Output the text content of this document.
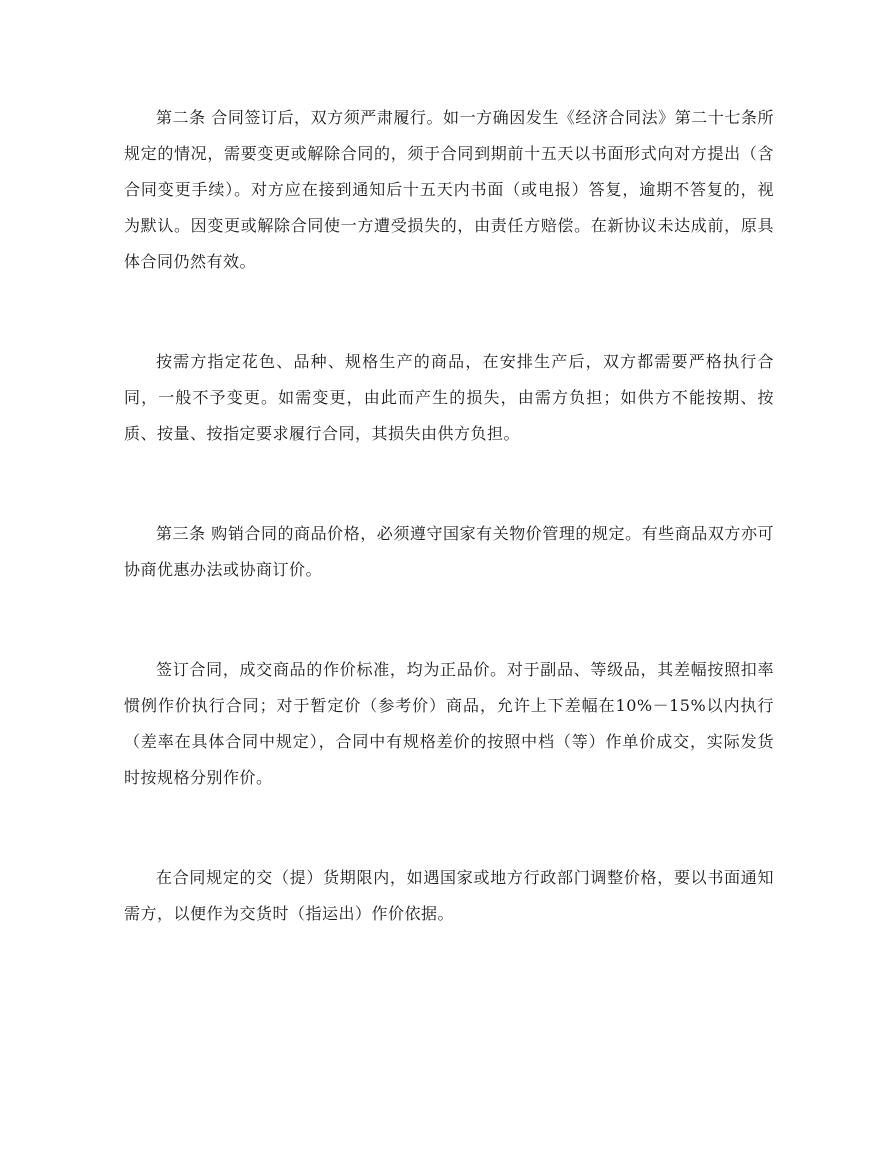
第二条 合同签订后，双方须严肃履行。如一方确因发生《经济合同法》第二十七条所规定的情况，需要变更或解除合同的，须于合同到期前十五天以书面形式向对方提出（含合同变更手续）。对方应在接到通知后十五天内书面（或电报）答复，逾期不答复的，视为默认。因变更或解除合同使一方遭受损失的，由责任方赔偿。在新协议未达成前，原具体合同仍然有效。

按需方指定花色、品种、规格生产的商品，在安排生产后，双方都需要严格执行合同，一般不予变更。如需变更，由此而产生的损失，由需方负担；如供方不能按期、按质、按量、按指定要求履行合同，其损失由供方负担。

第三条 购销合同的商品价格，必须遵守国家有关物价管理的规定。有些商品双方亦可协商优惠办法或协商订价。

签订合同，成交商品的作价标准，均为正品价。对于副品、等级品，其差幅按照扣率惯例作价执行合同；对于暂定价（参考价）商品，允许上下差幅在10%－15%以内执行（差率在具体合同中规定），合同中有规格差价的按照中档（等）作单价成交，实际发货时按规格分别作价。

在合同规定的交（提）货期限内，如遇国家或地方行政部门调整价格，要以书面通知需方，以便作为交货时（指运出）作价依据。
